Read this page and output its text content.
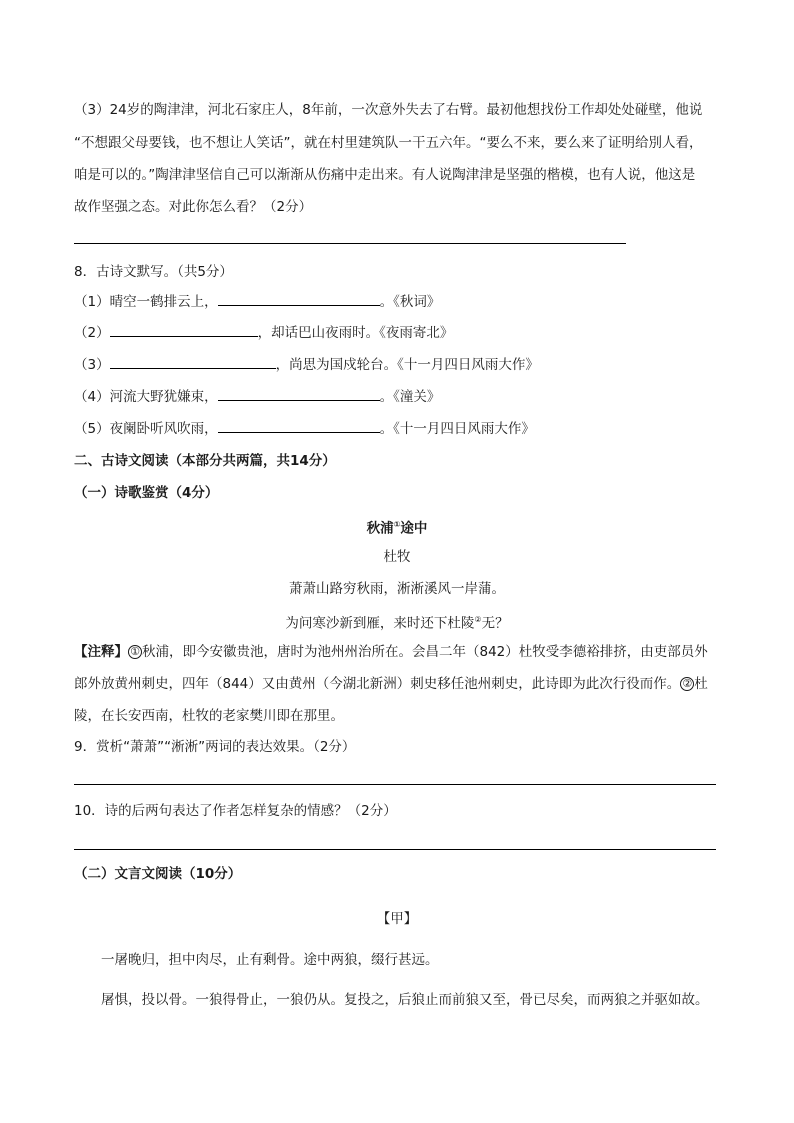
（3）24岁的陶津津，河北石家庄人，8年前，一次意外失去了右臂。最初他想找份工作却处处碰壁，他说
“不想跟父母要钱，也不想让人笑话”，就在村里建筑队一干五六年。“要么不来，要么来了证明给別人看，
咱是可以的。”陶津津坚信自己可以渐渐从伤痛中走出来。有人说陶津津是坚强的楷模，也有人说，他这是
故作坚强之态。对此你怎么看？（2分）
8．古诗文默写。（共5分）
（1）晴空一鹤排云上，	。《秋词》
（2）	，却话巴山夜雨时。《夜雨寄北》
（3）	，尚思为国戍轮台。《十一月四日风雨大作》
（4）河流大野犹嫌束，	。《潼关》
（5）夜阑卧听风吹雨，	。《十一月四日风雨大作》
二、古诗文阅读（本部分共两篇，共14分）
（一）诗歌鉴赏（4分）
秋浦①途中
杜牧
萧萧山路穷秋雨，淅淅溪风一岸蒲。
为问寒沙新到雁，来时还下杜陵②无？
【注释】 ① 秋浦，即今安徽贵池，唐时为池州州治所在。会昌二年（842）杜牧受李德裕排挤，由吏部员外
郎外放黄州刺史，四年（844）又由黄州（今湖北新洲）刺史移任池州刺史，此诗即为此次行役而作。 ② 杜
陵，在长安西南，杜牧的老家樊川即在那里。
9．赏析“萧萧”“淅淅”两词的表达效果。（2分）
10．诗的后两句表达了作者怎样复杂的情感？（2分）
（二）文言文阅读（10分）
【甲】
一屠晚归，担中肉尽，止有剩骨。途中两狼，缀行甚远。
屠惧，投以骨。一狼得骨止，一狼仍从。复投之，后狼止而前狼又至，骨已尽矣，而两狼之并驱如故。
